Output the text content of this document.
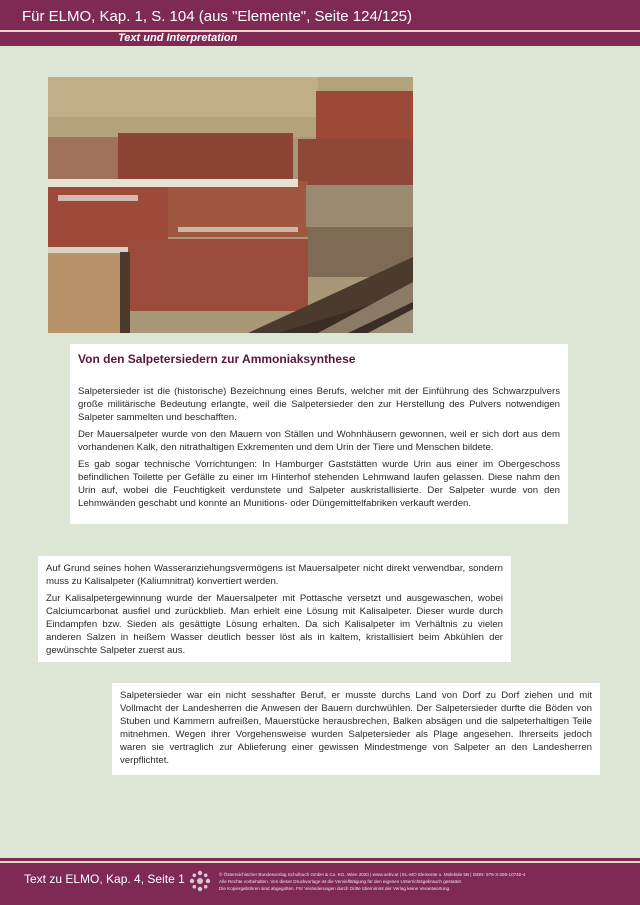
Für ELMO, Kap. 1, S. 104 (aus "Elemente", Seite 124/125)
Text und Interpretation
Von den Salpetersiedern zur Ammoniaksynthese

Salpetersieder ist die (historische) Bezeichnung eines Berufs, welcher mit der Einführung des Schwarzpulvers große militärische Bedeutung erlangte, weil die Salpetersieder den zur Herstellung des Pulvers notwendigen Salpeter sammelten und beschafften.

Der Mauersalpeter wurde von den Mauern von Ställen und Wohnhäusern gewonnen, weil er sich dort aus dem vorhandenen Kalk, den nitrathaltigen Exkrementen und dem Urin der Tiere und Menschen bildete.

Es gab sogar technische Vorrichtungen: In Hamburger Gaststätten wurde Urin aus einer im Obergeschoss befindlichen Toilette per Gefälle zu einer im Hinterhof stehenden Lehmwand laufen gelassen. Diese nahm den Urin auf, wobei die Feuchtigkeit verdunstete und Salpeter auskristallisierte. Der Salpeter wurde von den Lehmwänden geschabt und konnte an Munitions- oder Düngemittelfabriken verkauft werden.

Auf Grund seines hohen Wasseranziehungsvermögens ist Mauersalpeter nicht direkt verwendbar, sondern muss zu Kalisalpeter (Kaliumnitrat) konvertiert werden.

Zur Kalisalpetergewinnung wurde der Mauersalpeter mit Pottasche versetzt und ausgewaschen, wobei Calciumcarbonat ausfiel und zurückblieb. Man erhielt eine Lösung mit Kalisalpeter. Dieser wurde durch Eindampfen bzw. Sieden als gesättigte Lösung erhalten. Da sich Kalisalpeter im Verhältnis zu vielen anderen Salzen in heißem Wasser deutlich besser löst als in kaltem, kristallisiert beim Abkühlen der gewünschte Salpeter zuerst aus.

Salpetersieder war ein nicht sesshafter Beruf, er musste durchs Land von Dorf zu Dorf ziehen und mit Vollmacht der Landesherren die Anwesen der Bauern durchwühlen. Der Salpetersieder durfte die Böden von Stuben und Kammern aufreißen, Mauerstücke herausbrechen, Balken absägen und die salpeterhaltigen Teile mitnehmen. Wegen ihrer Vorgehensweise wurden Salpetersieder als Plage angesehen. Ihrerseits jedoch waren sie vertraglich zur Ablieferung einer gewissen Mindestmenge von Salpeter an den Landesherren verpflichtet.

Text zu ELMO, Kap. 4, Seite 1	© Österreichischer Bundesverlag Schulbuch GmbH & Co. KG, Wien 2020 | www.oebv.at | EL-MO Elemente u. Moleküle 5B | ISBN: 978-3-209-10740-4
Alle Rechte vorbehalten. Von dieser Druckvorlage ist die Vervielfältigung für den eigenen Unterrichtsgebrauch gestattet.
Die Kopiergebühren sind abgegolten. Für Veränderungen durch Dritte übernimmt der Verlag keine Verantwortung.
